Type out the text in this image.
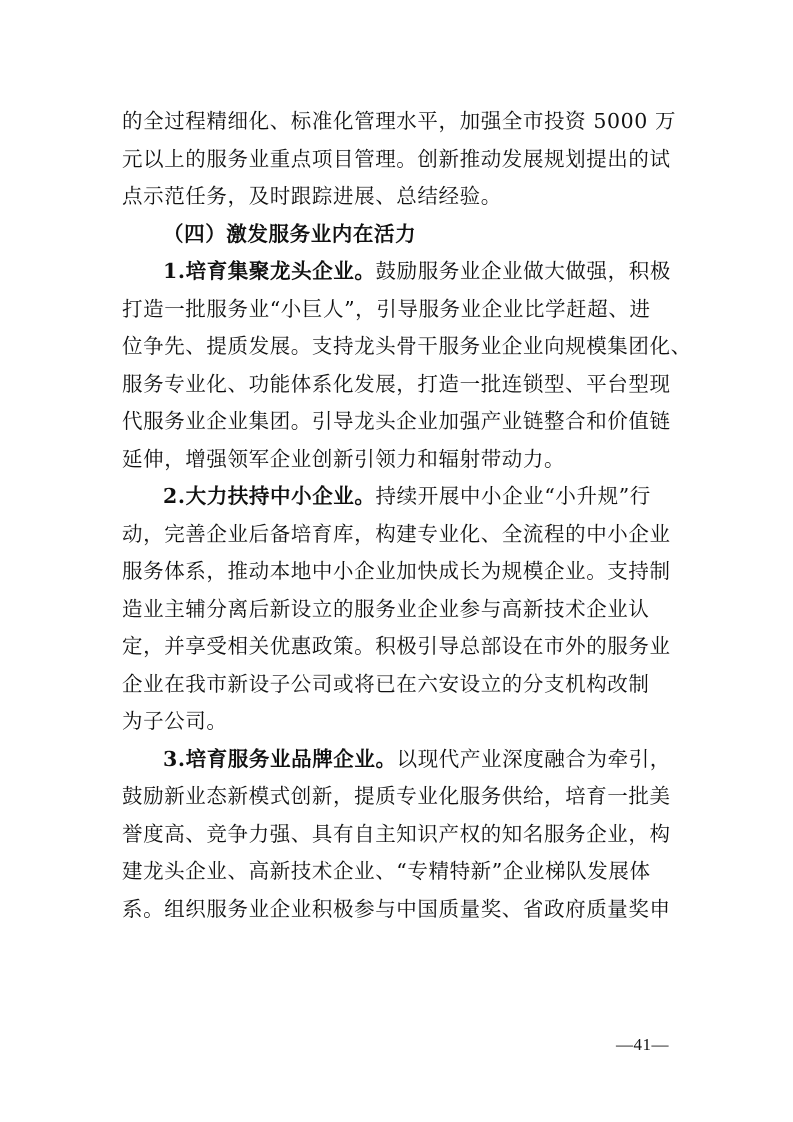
的全过程精细化、标准化管理水平，加强全市投资 5000 万
元以上的服务业重点项目管理。创新推动发展规划提出的试
点示范任务，及时跟踪进展、总结经验。
（四）激发服务业内在活力
1.培育集聚龙头企业。鼓励服务业企业做大做强，积极
打造一批服务业“小巨人”，引导服务业企业比学赶超、进
位争先、提质发展。支持龙头骨干服务业企业向规模集团化、
服务专业化、功能体系化发展，打造一批连锁型、平台型现
代服务业企业集团。引导龙头企业加强产业链整合和价值链
延伸，增强领军企业创新引领力和辐射带动力。
2.大力扶持中小企业。持续开展中小企业“小升规”行
动，完善企业后备培育库，构建专业化、全流程的中小企业
服务体系，推动本地中小企业加快成长为规模企业。支持制
造业主辅分离后新设立的服务业企业参与高新技术企业认
定，并享受相关优惠政策。积极引导总部设在市外的服务业
企业在我市新设子公司或将已在六安设立的分支机构改制
为子公司。
3.培育服务业品牌企业。以现代产业深度融合为牵引，
鼓励新业态新模式创新，提质专业化服务供给，培育一批美
誉度高、竞争力强、具有自主知识产权的知名服务企业，构
建龙头企业、高新技术企业、“专精特新”企业梯队发展体
系。组织服务业企业积极参与中国质量奖、省政府质量奖申
—41—
